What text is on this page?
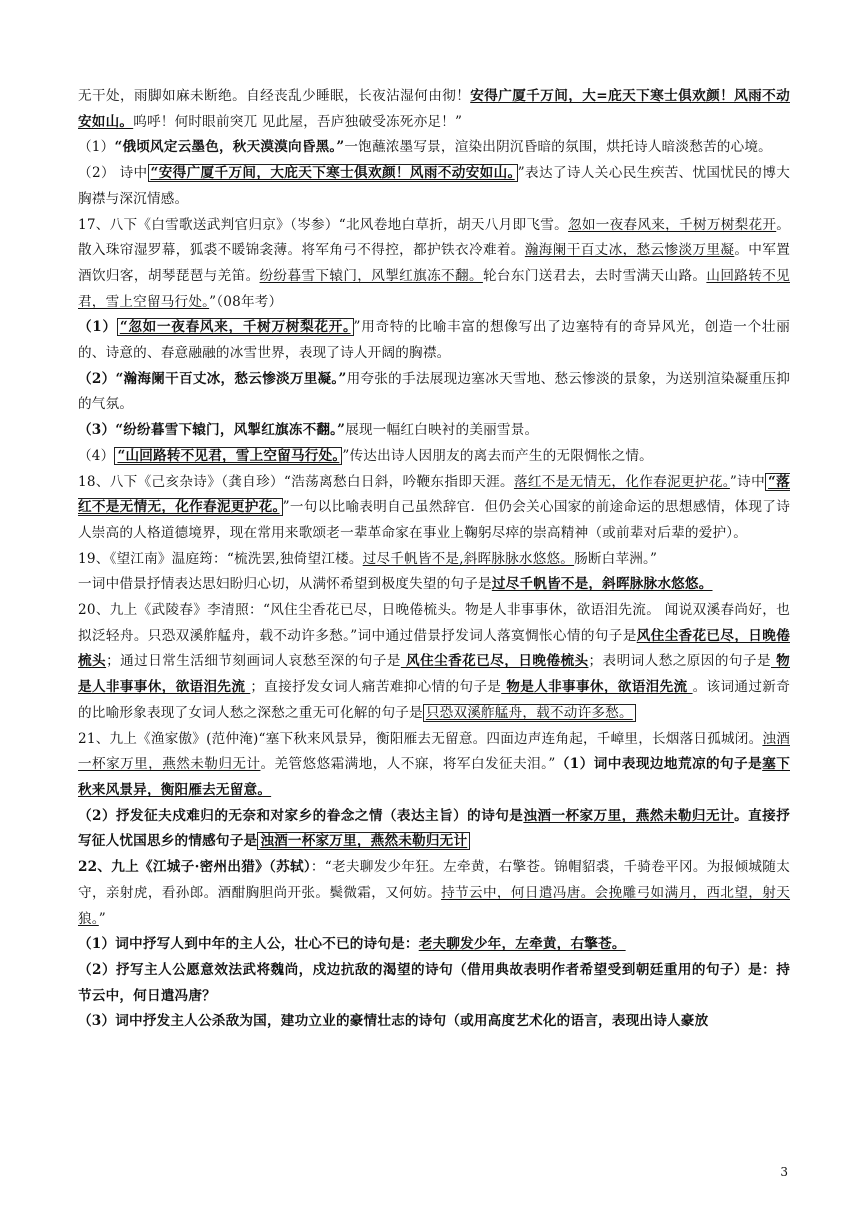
无干处，雨脚如麻未断绝。自经丧乱少睡眠，长夜沾湿何由彻！安得广厦千万间，大=庇天下寒士俱欢颜！风雨不动安如山。呜呼！何时眼前突兀 见此屋，吾庐独破受冻死亦足！”

（1）“俄顷风定云墨色，秋天漠漠向昏黑。”一饱蘸浓墨写景，渲染出阴沉昏暗的氛围，烘托诗人暗淡愁苦的心境。

（2） 诗中 “安得广厦千万间，大庇天下寒士俱欢颜！风雨不动安如山。 ”表达了诗人关心民生疾苦、忧国忧民的博大胸襟与深沉情感。

17、八下《白雪歌送武判官归京》（岑参）“北风卷地白草折，胡天八月即飞雪。忽如一夜春风来，千树万树梨花开。散入珠帘湿罗幕，狐裘不暖锦衾薄。将军角弓不得控，都护铁衣冷难着。瀚海阑干百丈冰，愁云惨淡万里凝。中军置酒饮归客，胡琴琵琶与羌笛。纷纷暮雪下辕门，风掣红旗冻不翻。轮台东门送君去，去时雪满天山路。山回路转不见君，雪上空留马行处。”（08年考）

（1） “忽如一夜春风来，千树万树梨花开。 ”用奇特的比喻丰富的想像写出了边塞特有的奇异风光，创造一个壮丽的、诗意的、春意融融的冰雪世界，表现了诗人开阔的胸襟。

（2）“瀚海阑干百丈冰，愁云惨淡万里凝。”用夸张的手法展现边塞冰天雪地、愁云惨淡的景象，为送别渲染凝重压抑的气氛。

（3）“纷纷暮雪下辕门，风掣红旗冻不翻。”展现一幅红白映衬的美丽雪景。

（4） “山回路转不见君，雪上空留马行处。 ”传达出诗人因朋友的离去而产生的无限惆怅之情。

18、八下《己亥杂诗》（龚自珍）“浩荡离愁白日斜，吟鞭东指即天涯。落红不是无情无，化作春泥更护花。”诗中 “落红不是无情无，化作春泥更护花。 ”一句以比喻表明自己虽然辞官．但仍会关心国家的前途命运的思想感情，体现了诗人崇高的人格道德境界，现在常用来歌颂老一辈革命家在事业上鞠躬尽瘁的崇高精神（或前辈对后辈的爱护）。

19、《望江南》温庭筠：“梳洗罢,独倚望江楼。过尽千帆皆不是,斜晖脉脉水悠悠。肠断白苹洲。”

一词中借景抒情表达思妇盼归心切，从满怀希望到极度失望的句子是过尽千帆皆不是，斜晖脉脉水悠悠。

20、九上《武陵春》李清照：“风住尘香花已尽，日晚倦梳头。物是人非事事休，欲语泪先流。 闻说双溪春尚好，也拟泛轻舟。只恐双溪舴艋舟，载不动许多愁。”词中通过借景抒发词人落寞惆怅心情的句子是风住尘香花已尽，日晚倦梳头；通过日常生活细节刻画词人哀愁至深的句子是 风住尘香花已尽，日晚倦梳头；表明词人愁之原因的句子是 物是人非事事休，欲语泪先流 ；直接抒发女词人痛苦难抑心情的句子是 物是人非事事休，欲语泪先流 。该词通过新奇的比喻形象表现了女词人愁之深愁之重无可化解的句子是 只恐双溪舴艋舟，载不动许多愁。

21、九上《渔家傲》(范仲淹)“塞下秋来风景异，衡阳雁去无留意。四面边声连角起，千嶂里，长烟落日孤城闭。浊酒一杯家万里，燕然未勒归无计。羌管悠悠霜满地，人不寐，将军白发征夫泪。”（1）词中表现边地荒凉的句子是塞下秋来风景异，衡阳雁去无留意。

（2）抒发征夫戍难归的无奈和对家乡的眷念之情（表达主旨）的诗句是浊酒一杯家万里，燕然未勒归无计。直接抒写征人忧国思乡的情感句子是 浊酒一杯家万里，燕然未勒归无计

22、九上《江城子·密州出猎》（苏轼）：“老夫聊发少年狂。左牵黄，右擎苍。锦帽貂裘，千骑卷平冈。为报倾城随太守，亲射虎，看孙郎。酒酣胸胆尚开张。鬓微霜，又何妨。持节云中，何日遣冯唐。会挽雕弓如满月，西北望，射天狼。”

（1）词中抒写人到中年的主人公，壮心不已的诗句是：老夫聊发少年，左牵黄，右擎苍。

（2）抒写主人公愿意效法武将魏尚，戍边抗敌的渴望的诗句（借用典故表明作者希望受到朝廷重用的句子）是：持节云中，何日遣冯唐？

（3）词中抒发主人公杀敌为国，建功立业的豪情壮志的诗句（或用高度艺术化的语言，表现出诗人豪放

3
